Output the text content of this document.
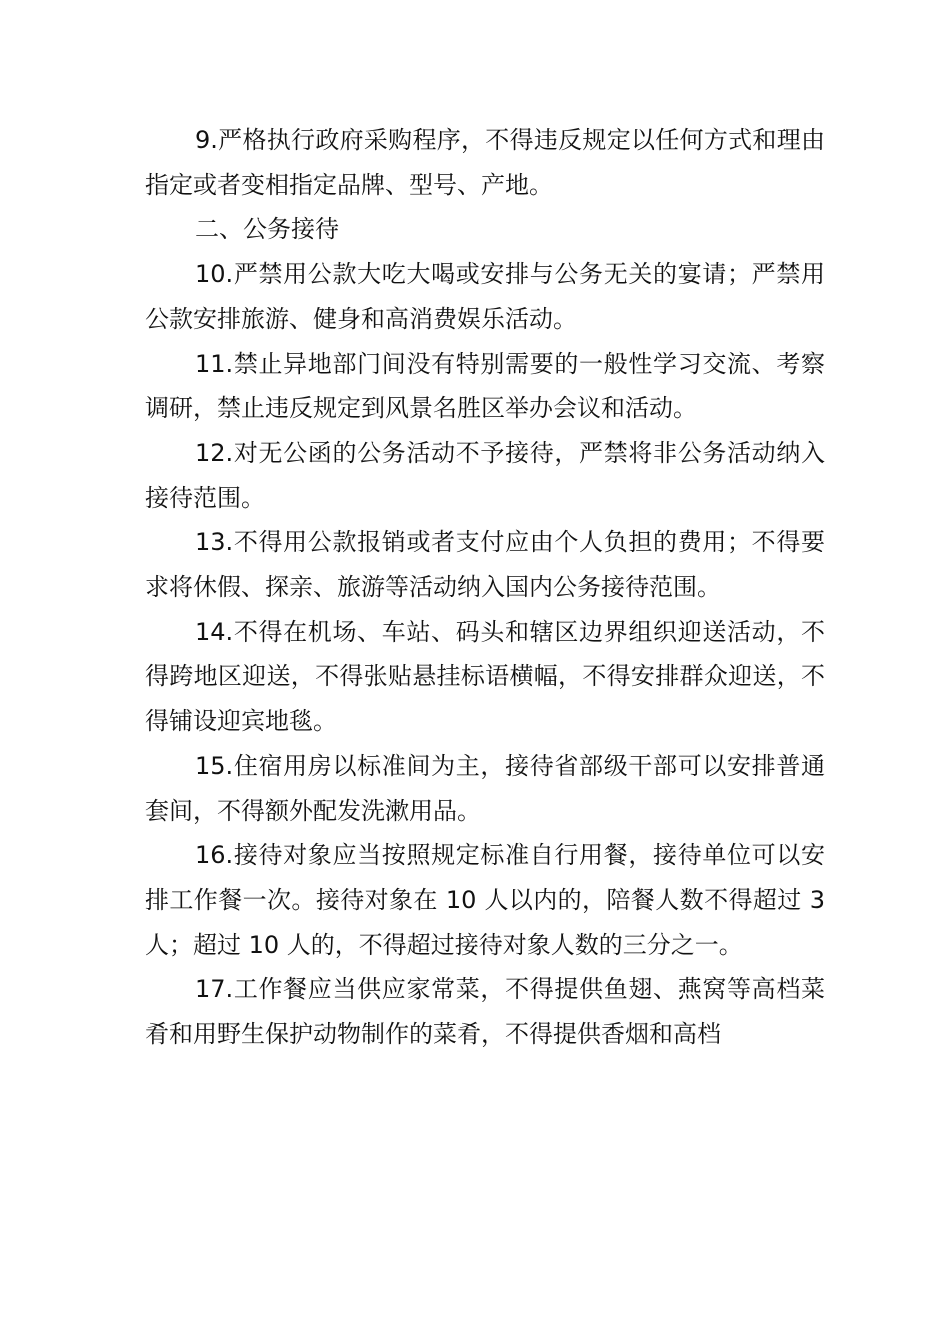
9.严格执行政府采购程序，不得违反规定以任何方式和理由指定或者变相指定品牌、型号、产地。

二、公务接待

10.严禁用公款大吃大喝或安排与公务无关的宴请；严禁用公款安排旅游、健身和高消费娱乐活动。

11.禁止异地部门间没有特别需要的一般性学习交流、考察调研，禁止违反规定到风景名胜区举办会议和活动。

12.对无公函的公务活动不予接待，严禁将非公务活动纳入接待范围。

13.不得用公款报销或者支付应由个人负担的费用；不得要求将休假、探亲、旅游等活动纳入国内公务接待范围。

14.不得在机场、车站、码头和辖区边界组织迎送活动，不得跨地区迎送，不得张贴悬挂标语横幅，不得安排群众迎送，不得铺设迎宾地毯。

15.住宿用房以标准间为主，接待省部级干部可以安排普通套间，不得额外配发洗漱用品。

16.接待对象应当按照规定标准自行用餐，接待单位可以安排工作餐一次。接待对象在 10 人以内的，陪餐人数不得超过 3 人；超过 10 人的，不得超过接待对象人数的三分之一。

17.工作餐应当供应家常菜，不得提供鱼翅、燕窝等高档菜肴和用野生保护动物制作的菜肴，不得提供香烟和高档
